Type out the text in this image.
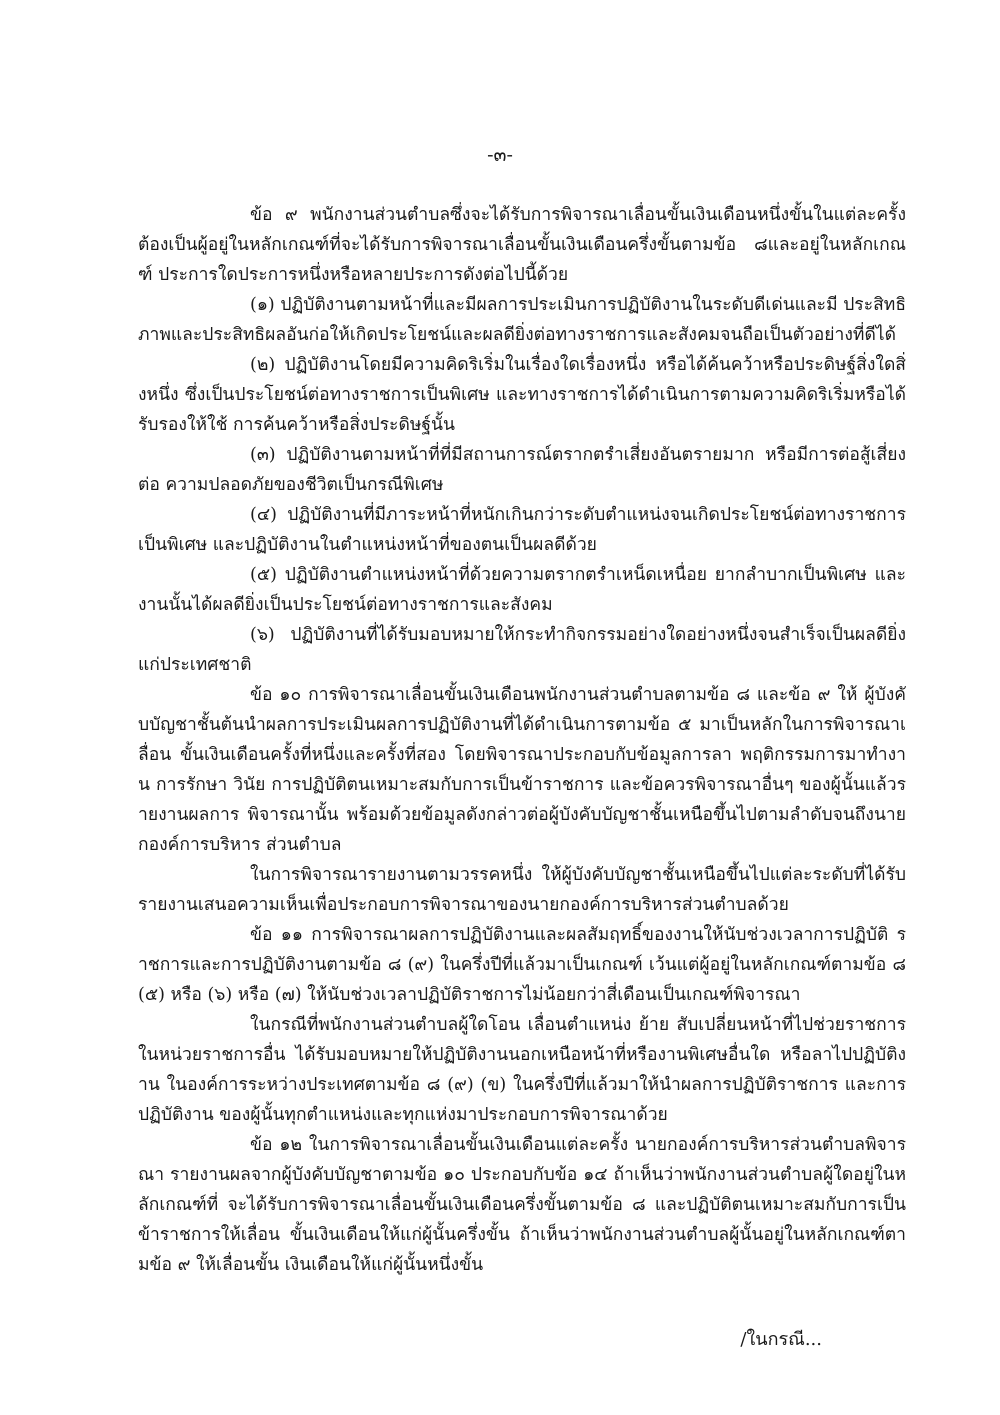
-๓-

ข้อ ๙ พนักงานส่วนตำบลซึ่งจะได้รับการพิจารณาเลื่อนขั้นเงินเดือนหนึ่งขั้นในแต่ละครั้ง ต้องเป็นผู้อยู่ในหลักเกณฑ์ที่จะได้รับการพิจารณาเลื่อนขั้นเงินเดือนครึ่งขั้นตามข้อ ๘และอยู่ในหลักเกณฑ์ ประการใดประการหนึ่งหรือหลายประการดังต่อไปนี้ด้วย

(๑) ปฏิบัติงานตามหน้าที่และมีผลการประเมินการปฏิบัติงานในระดับดีเด่นและมี ประสิทธิภาพและประสิทธิผลอันก่อให้เกิดประโยชน์และผลดียิ่งต่อทางราชการและสังคมจนถือเป็นตัวอย่างที่ดีได้

(๒) ปฏิบัติงานโดยมีความคิดริเริ่มในเรื่องใดเรื่องหนึ่ง หรือได้ค้นคว้าหรือประดิษฐ์สิ่งใดสิ่งหนึ่ง ซึ่งเป็นประโยชน์ต่อทางราชการเป็นพิเศษ และทางราชการได้ดำเนินการตามความคิดริเริ่มหรือได้รับรองให้ใช้ การค้นคว้าหรือสิ่งประดิษฐ์นั้น

(๓) ปฏิบัติงานตามหน้าที่ที่มีสถานการณ์ตรากตรำเสี่ยงอันตรายมาก หรือมีการต่อสู้เสี่ยงต่อ ความปลอดภัยของชีวิตเป็นกรณีพิเศษ

(๔) ปฏิบัติงานที่มีภาระหน้าที่หนักเกินกว่าระดับตำแหน่งจนเกิดประโยชน์ต่อทางราชการ เป็นพิเศษ และปฏิบัติงานในตำแหน่งหน้าที่ของตนเป็นผลดีด้วย

(๕) ปฏิบัติงานตำแหน่งหน้าที่ด้วยความตรากตรำเหน็ดเหนื่อย ยากลำบากเป็นพิเศษ และ งานนั้นได้ผลดียิ่งเป็นประโยชน์ต่อทางราชการและสังคม

(๖) ปฏิบัติงานที่ได้รับมอบหมายให้กระทำกิจกรรมอย่างใดอย่างหนึ่งจนสำเร็จเป็นผลดียิ่ง แก่ประเทศชาติ

ข้อ ๑๐ การพิจารณาเลื่อนขั้นเงินเดือนพนักงานส่วนตำบลตามข้อ ๘ และข้อ ๙ ให้ ผู้บังคับบัญชาชั้นต้นนำผลการประเมินผลการปฏิบัติงานที่ได้ดำเนินการตามข้อ ๕ มาเป็นหลักในการพิจารณาเลื่อน ขั้นเงินเดือนครั้งที่หนึ่งและครั้งที่สอง โดยพิจารณาประกอบกับข้อมูลการลา พฤติกรรมการมาทำงาน การรักษา วินัย การปฏิบัติตนเหมาะสมกับการเป็นข้าราชการ และข้อควรพิจารณาอื่นๆ ของผู้นั้นแล้วรายงานผลการ พิจารณานั้น พร้อมด้วยข้อมูลดังกล่าวต่อผู้บังคับบัญชาชั้นเหนือขึ้นไปตามลำดับจนถึงนายกองค์การบริหาร ส่วนตำบล

ในการพิจารณารายงานตามวรรคหนึ่ง ให้ผู้บังคับบัญชาชั้นเหนือขึ้นไปแต่ละระดับที่ได้รับ รายงานเสนอความเห็นเพื่อประกอบการพิจารณาของนายกองค์การบริหารส่วนตำบลด้วย

ข้อ ๑๑ การพิจารณาผลการปฏิบัติงานและผลสัมฤทธิ์ของงานให้นับช่วงเวลาการปฏิบัติ ราชการและการปฏิบัติงานตามข้อ ๘ (๙) ในครึ่งปีที่แล้วมาเป็นเกณฑ์ เว้นแต่ผู้อยู่ในหลักเกณฑ์ตามข้อ ๘ (๕) หรือ (๖) หรือ (๗) ให้นับช่วงเวลาปฏิบัติราชการไม่น้อยกว่าสี่เดือนเป็นเกณฑ์พิจารณา

ในกรณีที่พนักงานส่วนตำบลผู้ใดโอน เลื่อนตำแหน่ง ย้าย สับเปลี่ยนหน้าที่ไปช่วยราชการ ในหน่วยราชการอื่น ได้รับมอบหมายให้ปฏิบัติงานนอกเหนือหน้าที่หรืองานพิเศษอื่นใด หรือลาไปปฏิบัติงาน ในองค์การระหว่างประเทศตามข้อ ๘ (๙) (ข) ในครึ่งปีที่แล้วมาให้นำผลการปฏิบัติราชการ และการปฏิบัติงาน ของผู้นั้นทุกตำแหน่งและทุกแห่งมาประกอบการพิจารณาด้วย

ข้อ ๑๒ ในการพิจารณาเลื่อนขั้นเงินเดือนแต่ละครั้ง นายกองค์การบริหารส่วนตำบลพิจารณา รายงานผลจากผู้บังคับบัญชาตามข้อ ๑๐ ประกอบกับข้อ ๑๔ ถ้าเห็นว่าพนักงานส่วนตำบลผู้ใดอยู่ในหลักเกณฑ์ที่ จะได้รับการพิจารณาเลื่อนขั้นเงินเดือนครึ่งขั้นตามข้อ ๘ และปฏิบัติตนเหมาะสมกับการเป็นข้าราชการให้เลื่อน ขั้นเงินเดือนให้แก่ผู้นั้นครึ่งขั้น ถ้าเห็นว่าพนักงานส่วนตำบลผู้นั้นอยู่ในหลักเกณฑ์ตามข้อ ๙ ให้เลื่อนขั้น เงินเดือนให้แก่ผู้นั้นหนึ่งขั้น

/ในกรณี...
